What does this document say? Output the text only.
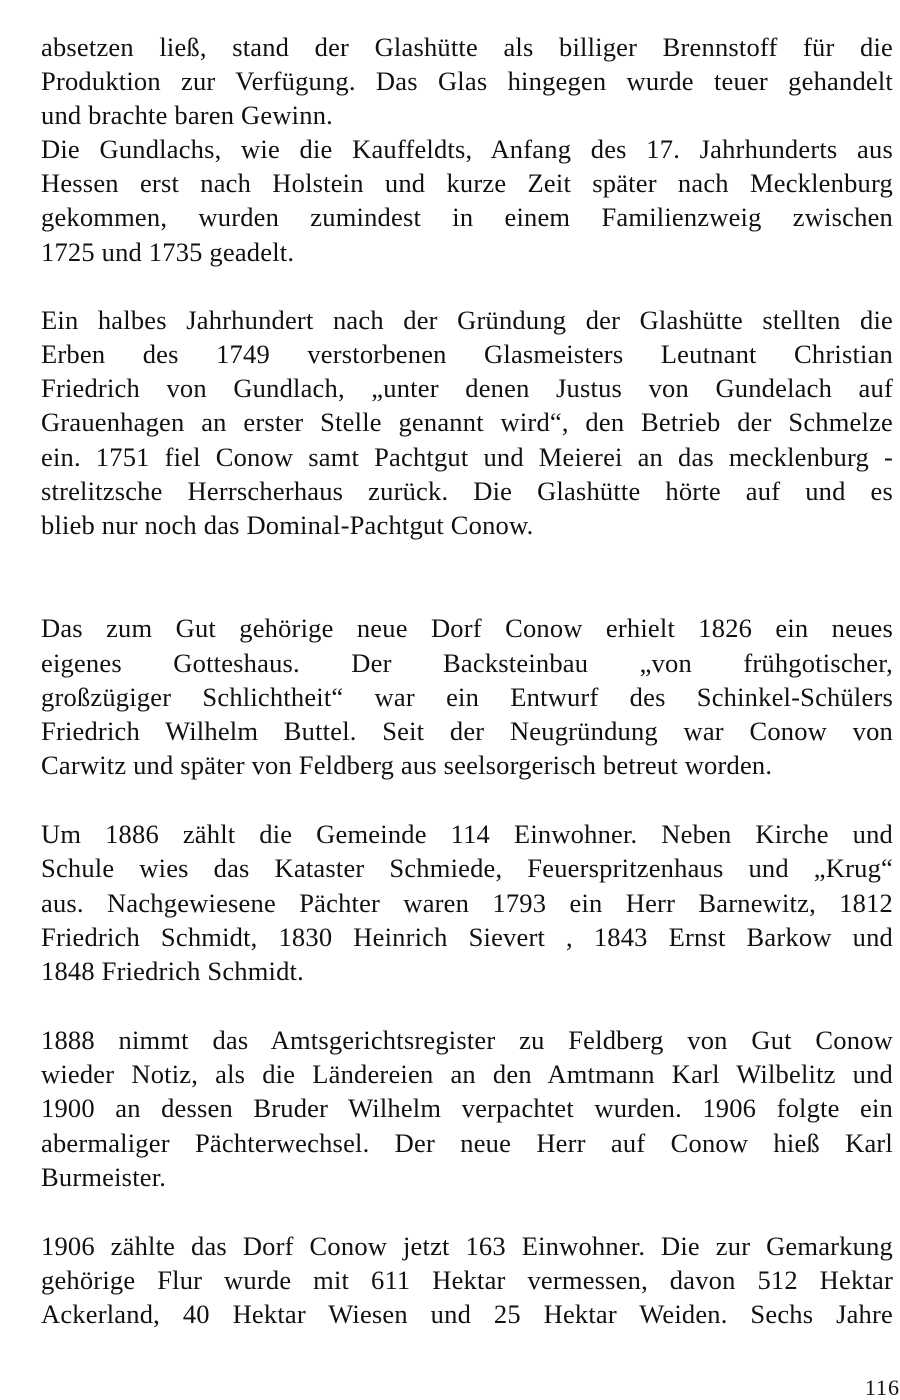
absetzen ließ, stand der Glashütte als billiger Brennstoff für die
Produktion zur Verfügung. Das Glas hingegen wurde teuer gehandelt
und brachte baren Gewinn.
Die Gundlachs, wie die Kauffeldts, Anfang des 17. Jahrhunderts aus
Hessen erst nach Holstein und kurze Zeit später nach Mecklenburg
gekommen, wurden zumindest in einem Familienzweig zwischen
1725 und 1735 geadelt.
Ein halbes Jahrhundert nach der Gründung der Glashütte stellten die
Erben des 1749 verstorbenen Glasmeisters Leutnant Christian
Friedrich von Gundlach, „unter denen Justus von Gundelach auf
Grauenhagen an erster Stelle genannt wird“, den Betrieb der Schmelze
ein. 1751 fiel Conow samt Pachtgut und Meierei an das mecklenburg -
strelitzsche Herrscherhaus zurück. Die Glashütte hörte auf und es
blieb nur noch das Dominal-Pachtgut Conow.
Das zum Gut gehörige neue Dorf Conow erhielt 1826 ein neues
eigenes Gotteshaus. Der Backsteinbau „von frühgotischer,
großzügiger Schlichtheit“ war ein Entwurf des Schinkel-Schülers
Friedrich Wilhelm Buttel. Seit der Neugründung war Conow von
Carwitz und später von Feldberg aus seelsorgerisch betreut worden.
Um 1886 zählt die Gemeinde 114 Einwohner. Neben Kirche und
Schule wies das Kataster Schmiede, Feuerspritzenhaus und „Krug“
aus. Nachgewiesene Pächter waren 1793 ein Herr Barnewitz, 1812
Friedrich Schmidt, 1830 Heinrich Sievert , 1843 Ernst Barkow und
1848 Friedrich Schmidt.
1888 nimmt das Amtsgerichtsregister zu Feldberg von Gut Conow
wieder Notiz, als die Ländereien an den Amtmann Karl Wilbelitz und
1900 an dessen Bruder Wilhelm verpachtet wurden. 1906 folgte ein
abermaliger Pächterwechsel. Der neue Herr auf Conow hieß Karl
Burmeister.
1906 zählte das Dorf Conow jetzt 163 Einwohner. Die zur Gemarkung
gehörige Flur wurde mit 611 Hektar vermessen, davon 512 Hektar
Ackerland, 40 Hektar Wiesen und 25 Hektar Weiden. Sechs Jahre
116
